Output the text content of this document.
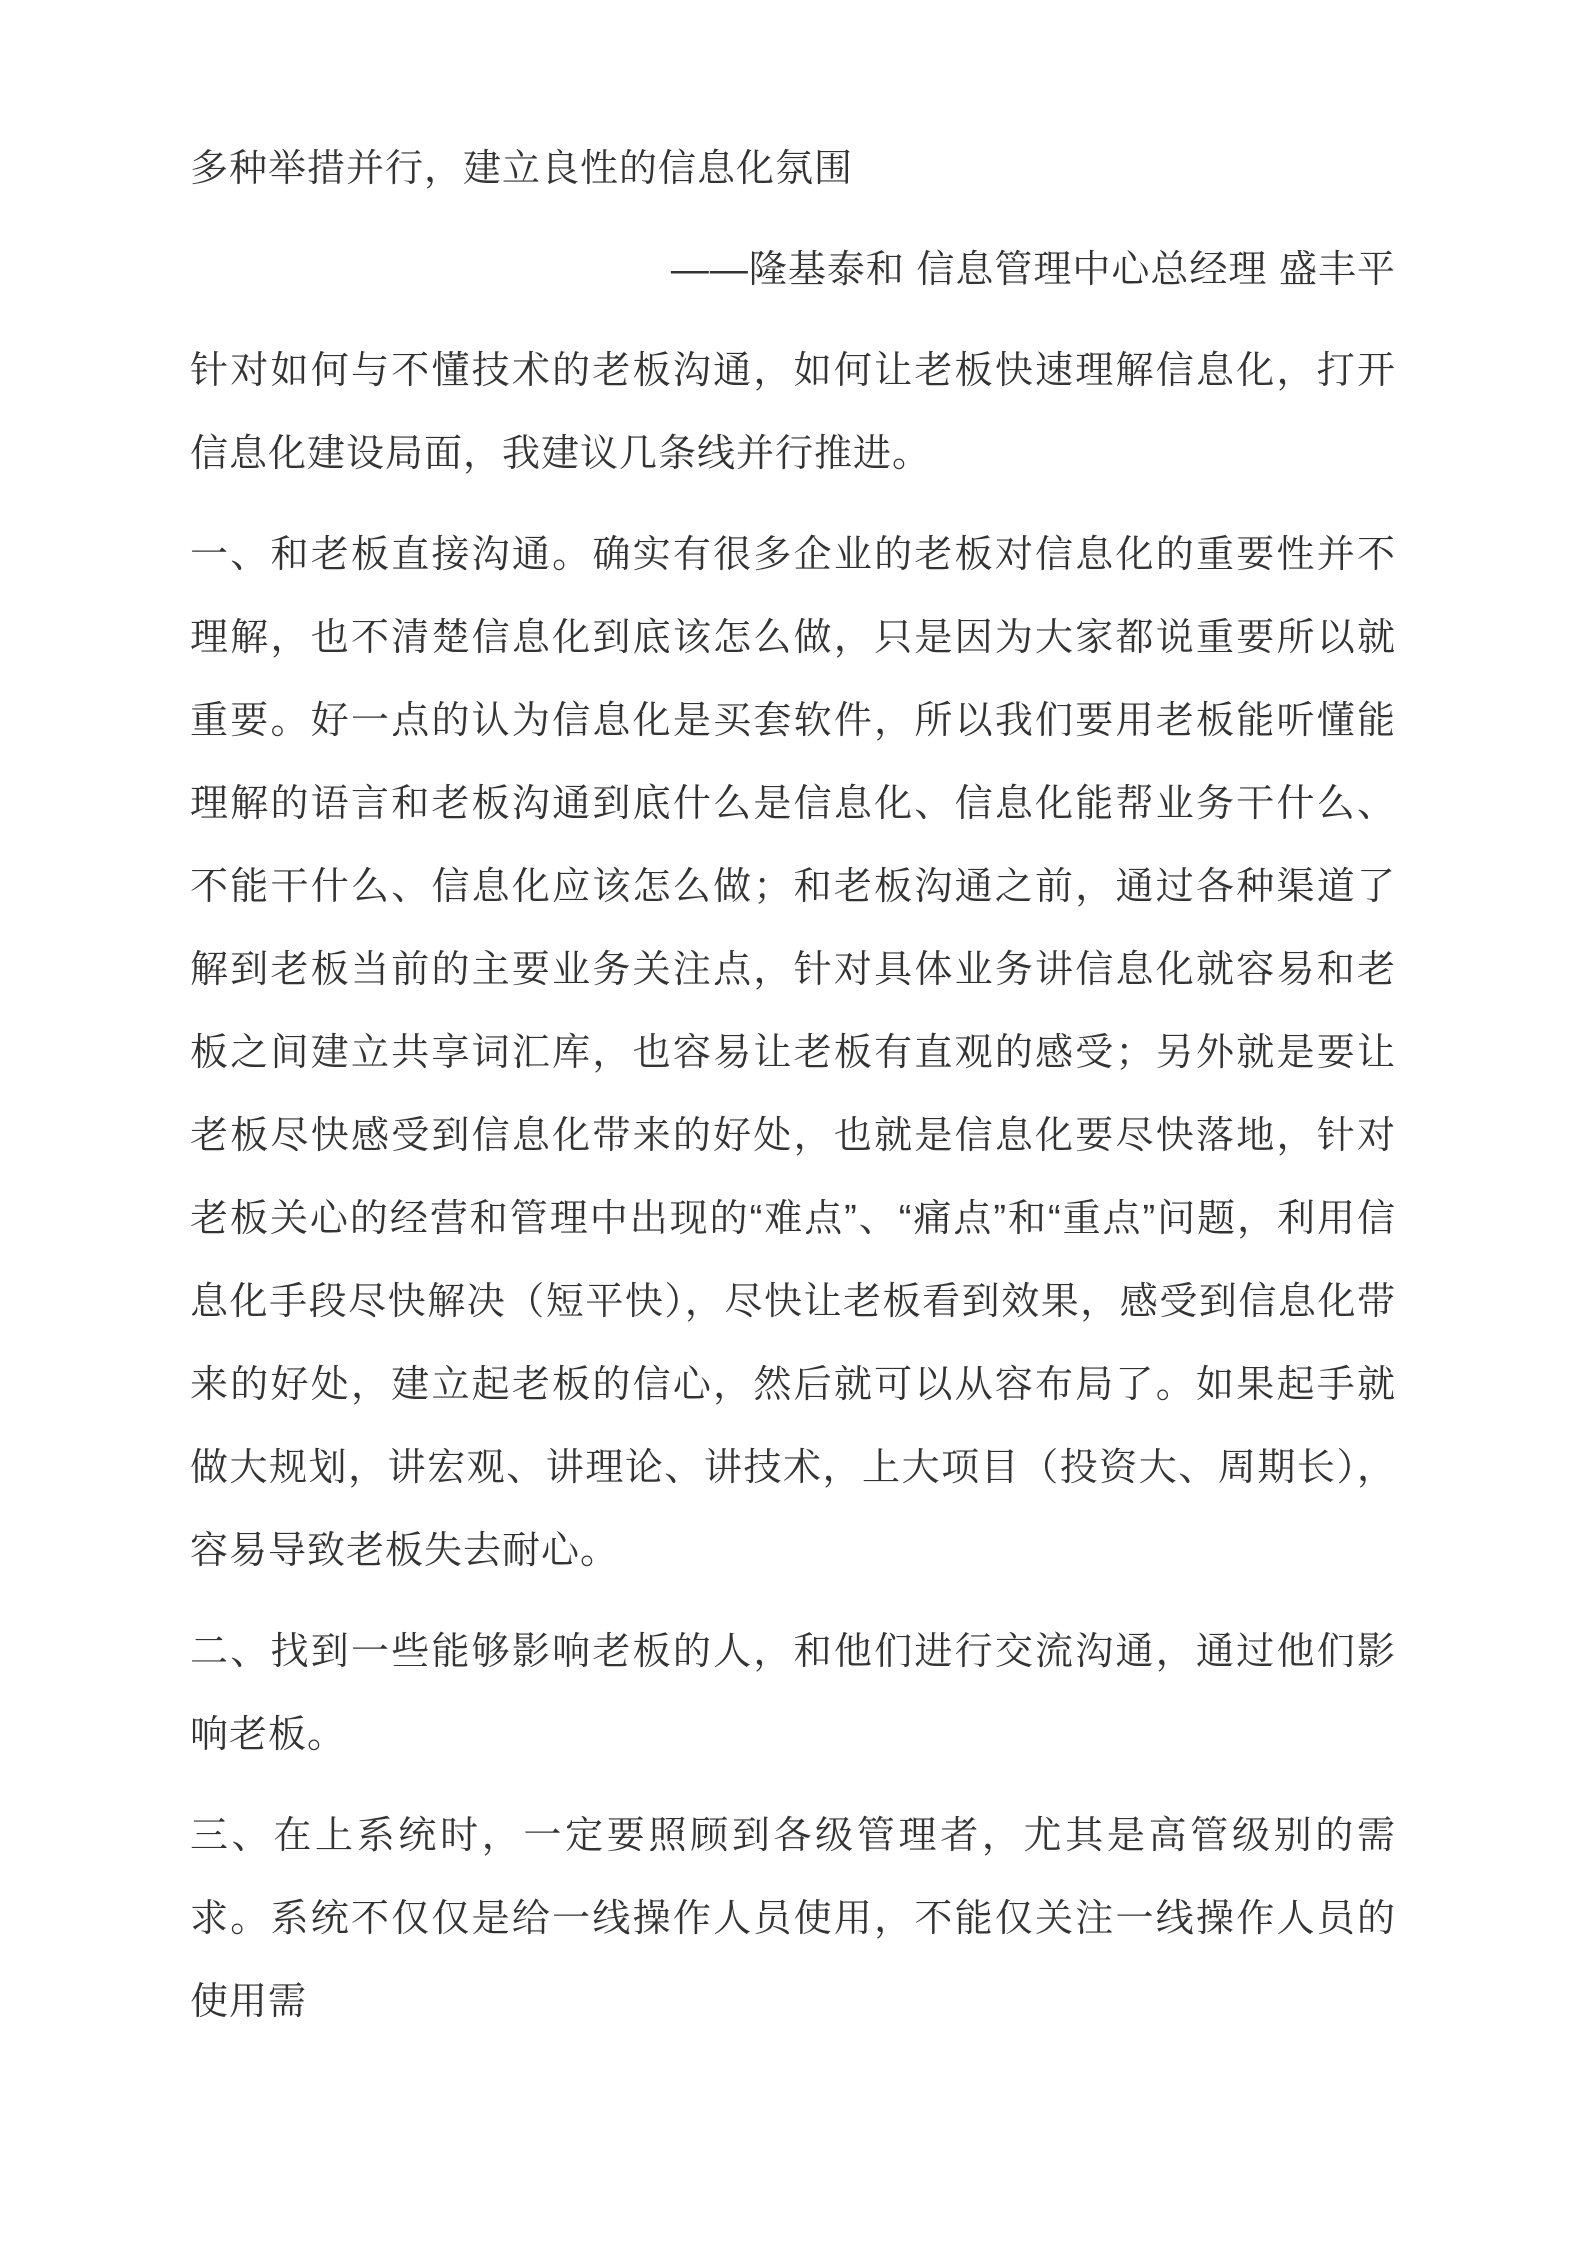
多种举措并行，建立良性的信息化氛围

——隆基泰和 信息管理中心总经理 盛丰平

针对如何与不懂技术的老板沟通，如何让老板快速理解信息化，打开信息化建设局面，我建议几条线并行推进。

一、和老板直接沟通。确实有很多企业的老板对信息化的重要性并不理解，也不清楚信息化到底该怎么做，只是因为大家都说重要所以就重要。好一点的认为信息化是买套软件，所以我们要用老板能听懂能理解的语言和老板沟通到底什么是信息化、信息化能帮业务干什么、不能干什么、信息化应该怎么做；和老板沟通之前，通过各种渠道了解到老板当前的主要业务关注点，针对具体业务讲信息化就容易和老板之间建立共享词汇库，也容易让老板有直观的感受；另外就是要让老板尽快感受到信息化带来的好处，也就是信息化要尽快落地，针对老板关心的经营和管理中出现的“难点”、“痛点”和“重点”问题，利用信息化手段尽快解决（短平快），尽快让老板看到效果，感受到信息化带来的好处，建立起老板的信心，然后就可以从容布局了。如果起手就做大规划，讲宏观、讲理论、讲技术，上大项目（投资大、周期长），容易导致老板失去耐心。

二、找到一些能够影响老板的人，和他们进行交流沟通，通过他们影响老板。

三、在上系统时，一定要照顾到各级管理者，尤其是高管级别的需求。系统不仅仅是给一线操作人员使用，不能仅关注一线操作人员的使用需
